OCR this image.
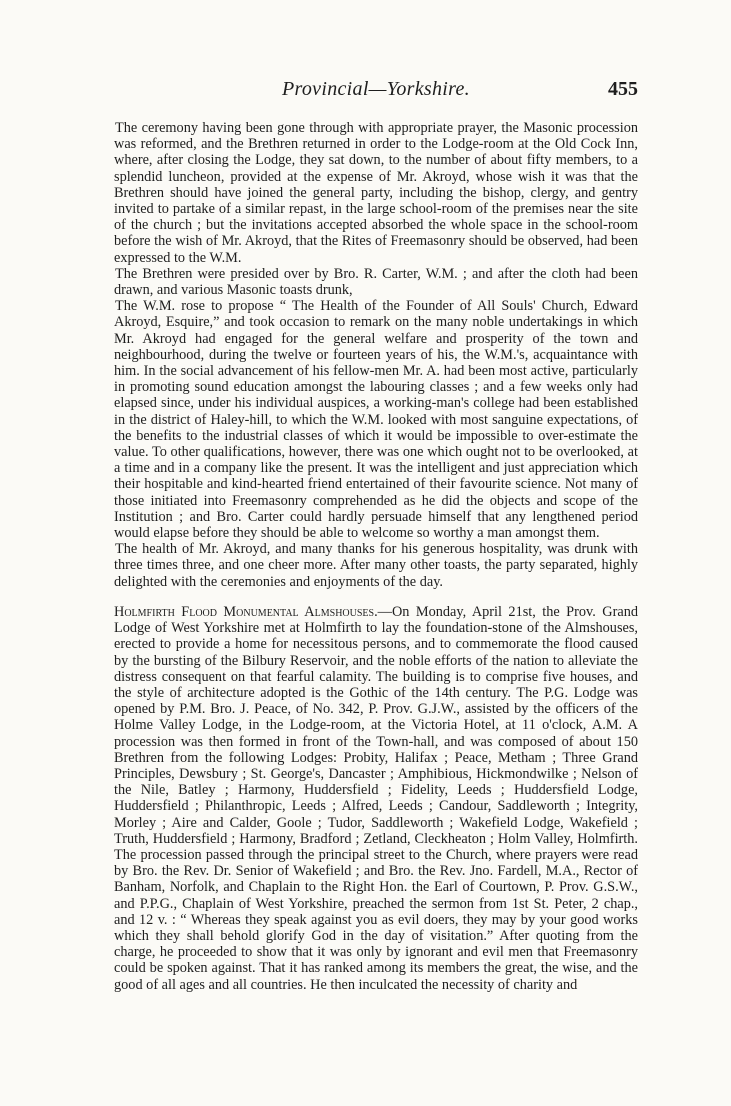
Provincial—Yorkshire.	455

The ceremony having been gone through with appropriate prayer, the Masonic procession was reformed, and the Brethren returned in order to the Lodge-room at the Old Cock Inn, where, after closing the Lodge, they sat down, to the number of about fifty members, to a splendid luncheon, provided at the expense of Mr. Akroyd, whose wish it was that the Brethren should have joined the general party, including the bishop, clergy, and gentry invited to partake of a similar repast, in the large school-room of the premises near the site of the church ; but the invitations accepted absorbed the whole space in the school-room before the wish of Mr. Akroyd, that the Rites of Freemasonry should be observed, had been expressed to the W.M.

The Brethren were presided over by Bro. R. Carter, W.M. ; and after the cloth had been drawn, and various Masonic toasts drunk,

The W.M. rose to propose “ The Health of the Founder of All Souls' Church, Edward Akroyd, Esquire,” and took occasion to remark on the many noble undertakings in which Mr. Akroyd had engaged for the general welfare and prosperity of the town and neighbourhood, during the twelve or fourteen years of his, the W.M.'s, acquaintance with him. In the social advancement of his fellow-men Mr. A. had been most active, particularly in promoting sound education amongst the labouring classes ; and a few weeks only had elapsed since, under his individual auspices, a working-man's college had been established in the district of Haley-hill, to which the W.M. looked with most sanguine expectations, of the benefits to the industrial classes of which it would be impossible to over-estimate the value. To other qualifications, however, there was one which ought not to be overlooked, at a time and in a company like the present. It was the intelligent and just appreciation which their hospitable and kind-hearted friend entertained of their favourite science. Not many of those initiated into Freemasonry comprehended as he did the objects and scope of the Institution ; and Bro. Carter could hardly persuade himself that any lengthened period would elapse before they should be able to welcome so worthy a man amongst them.

The health of Mr. Akroyd, and many thanks for his generous hospitality, was drunk with three times three, and one cheer more. After many other toasts, the party separated, highly delighted with the ceremonies and enjoyments of the day.

Holmfirth Flood Monumental Almshouses.—On Monday, April 21st, the Prov. Grand Lodge of West Yorkshire met at Holmfirth to lay the foundation-stone of the Almshouses, erected to provide a home for necessitous persons, and to commemorate the flood caused by the bursting of the Bilbury Reservoir, and the noble efforts of the nation to alleviate the distress consequent on that fearful calamity. The building is to comprise five houses, and the style of architecture adopted is the Gothic of the 14th century. The P.G. Lodge was opened by P.M. Bro. J. Peace, of No. 342, P. Prov. G.J.W., assisted by the officers of the Holme Valley Lodge, in the Lodge-room, at the Victoria Hotel, at 11 o'clock, A.M. A procession was then formed in front of the Town-hall, and was composed of about 150 Brethren from the following Lodges: Probity, Halifax ; Peace, Metham ; Three Grand Principles, Dewsbury ; St. George's, Dancaster ; Amphibious, Hickmondwilke ; Nelson of the Nile, Batley ; Harmony, Huddersfield ; Fidelity, Leeds ; Huddersfield Lodge, Huddersfield ; Philanthropic, Leeds ; Alfred, Leeds ; Candour, Saddleworth ; Integrity, Morley ; Aire and Calder, Goole ; Tudor, Saddleworth ; Wakefield Lodge, Wakefield ; Truth, Huddersfield ; Harmony, Bradford ; Zetland, Cleckheaton ; Holm Valley, Holmfirth. The procession passed through the principal street to the Church, where prayers were read by Bro. the Rev. Dr. Senior of Wakefield ; and Bro. the Rev. Jno. Fardell, M.A., Rector of Banham, Norfolk, and Chaplain to the Right Hon. the Earl of Courtown, P. Prov. G.S.W., and P.P.G., Chaplain of West Yorkshire, preached the sermon from 1st St. Peter, 2 chap., and 12 v. : “ Whereas they speak against you as evil doers, they may by your good works which they shall behold glorify God in the day of visitation.” After quoting from the charge, he proceeded to show that it was only by ignorant and evil men that Freemasonry could be spoken against. That it has ranked among its members the great, the wise, and the good of all ages and all countries. He then inculcated the necessity of charity and
